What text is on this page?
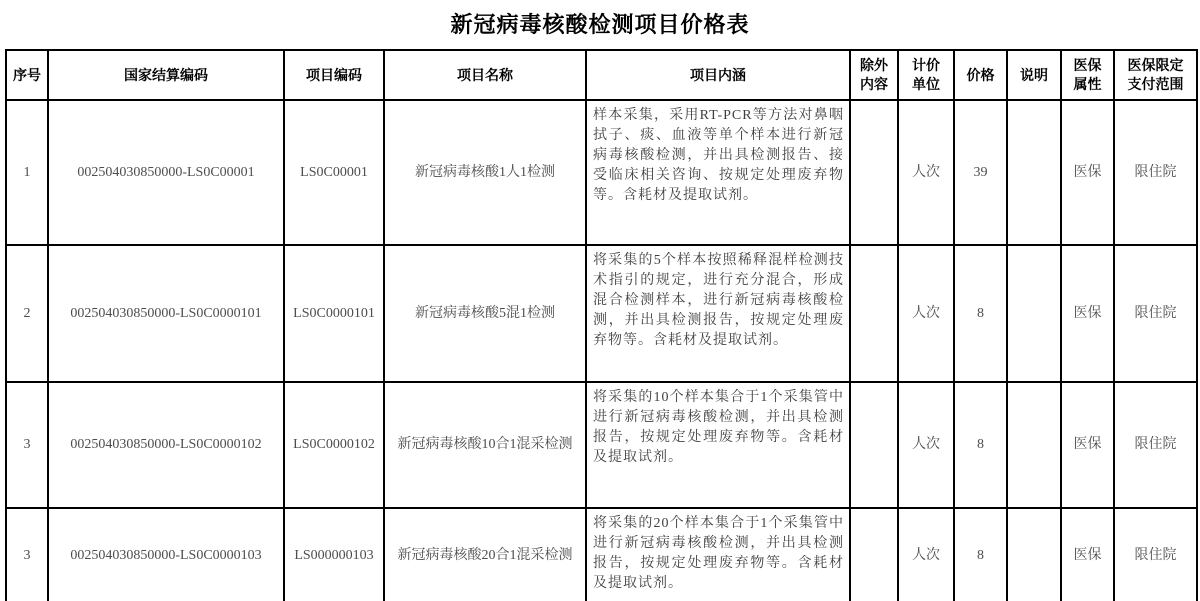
新冠病毒核酸检测项目价格表
序号	国家结算编码	项目编码	项目名称	项目内涵	除外内容	计价单位	价格	说明	医保属性	医保限定支付范围
1	002504030850000-LS0C00001	LS0C00001	新冠病毒核酸1人1检测	样本采集，采用RT-PCR等方法对鼻咽拭子、痰、血液等单个样本进行新冠病毒核酸检测，并出具检测报告、接受临床相关咨询、按规定处理废弃物等。含耗材及提取试剂。		人次	39		医保	限住院
2	002504030850000-LS0C0000101	LS0C0000101	新冠病毒核酸5混1检测	将采集的5个样本按照稀释混样检测技术指引的规定，进行充分混合，形成混合检测样本，进行新冠病毒核酸检测，并出具检测报告，按规定处理废弃物等。含耗材及提取试剂。		人次	8		医保	限住院
3	002504030850000-LS0C0000102	LS0C0000102	新冠病毒核酸10合1混采检测	将采集的10个样本集合于1个采集管中进行新冠病毒核酸检测，并出具检测报告，按规定处理废弃物等。含耗材及提取试剂。		人次	8		医保	限住院
3	002504030850000-LS0C0000103	LS000000103	新冠病毒核酸20合1混采检测	将采集的20个样本集合于1个采集管中进行新冠病毒核酸检测，并出具检测报告，按规定处理废弃物等。含耗材及提取试剂。		人次	8		医保	限住院
